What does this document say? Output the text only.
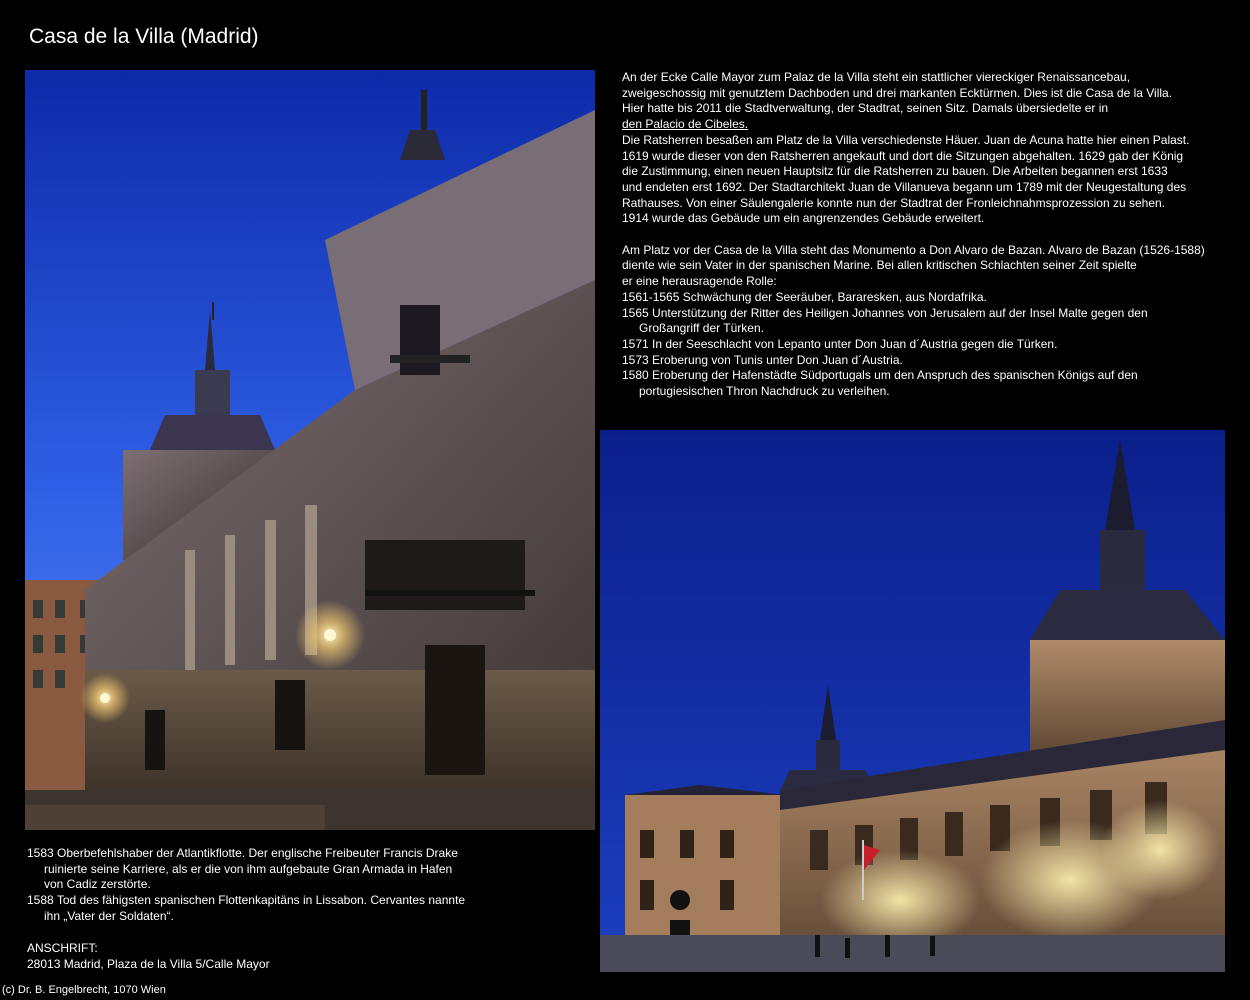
Casa de la Villa (Madrid)
An der Ecke Calle Mayor zum Palaz de la Villa steht ein stattlicher viereckiger Renaissancebau,
zweigeschossig mit genutztem Dachboden und drei markanten Ecktürmen. Dies ist die Casa de la Villa.
Hier hatte bis 2011 die Stadtverwaltung, der Stadtrat, seinen Sitz. Damals übersiedelte er in
den Palacio de Cibeles.
Die Ratsherren besaßen am Platz de la Villa verschiedenste Häuer. Juan de Acuna hatte hier einen Palast.
1619 wurde dieser von den Ratsherren angekauft und dort die Sitzungen abgehalten. 1629 gab der König
die Zustimmung, einen neuen Hauptsitz für die Ratsherren zu bauen. Die Arbeiten begannen erst 1633
und endeten erst 1692. Der Stadtarchitekt Juan de Villanueva begann um 1789 mit der Neugestaltung des
Rathauses. Von einer Säulengalerie konnte nun der Stadtrat der Fronleichnahmsprozession zu sehen.
1914 wurde das Gebäude um ein angrenzendes Gebäude erweitert.
Am Platz vor der Casa de la Villa steht das Monumento a Don Alvaro de Bazan. Alvaro de Bazan (1526-1588)
diente wie sein Vater in der spanischen Marine. Bei allen kritischen Schlachten seiner Zeit spielte
er eine herausragende Rolle:
1561-1565 Schwächung der Seeräuber, Bararesken, aus Nordafrika.
1565 Unterstützung der Ritter des Heiligen Johannes von Jerusalem auf der Insel Malte gegen den
Großangriff der Türken.
1571 In der Seeschlacht von Lepanto unter Don Juan d´Austria gegen die Türken.
1573 Eroberung von Tunis unter Don Juan d´Austria.
1580 Eroberung der Hafenstädte Südportugals um den Anspruch des spanischen Königs auf den
portugiesischen Thron Nachdruck zu verleihen.
1583 Oberbefehlshaber der Atlantikflotte. Der englische Freibeuter Francis Drake
ruinierte seine Karriere, als er die von ihm aufgebaute Gran Armada in Hafen
von Cadiz zerstörte.
1588 Tod des fähigsten spanischen Flottenkapitäns in Lissabon. Cervantes nannte
ihn „Vater der Soldaten“.
ANSCHRIFT:
28013 Madrid, Plaza de la Villa 5/Calle Mayor
(c) Dr. B. Engelbrecht, 1070 Wien
